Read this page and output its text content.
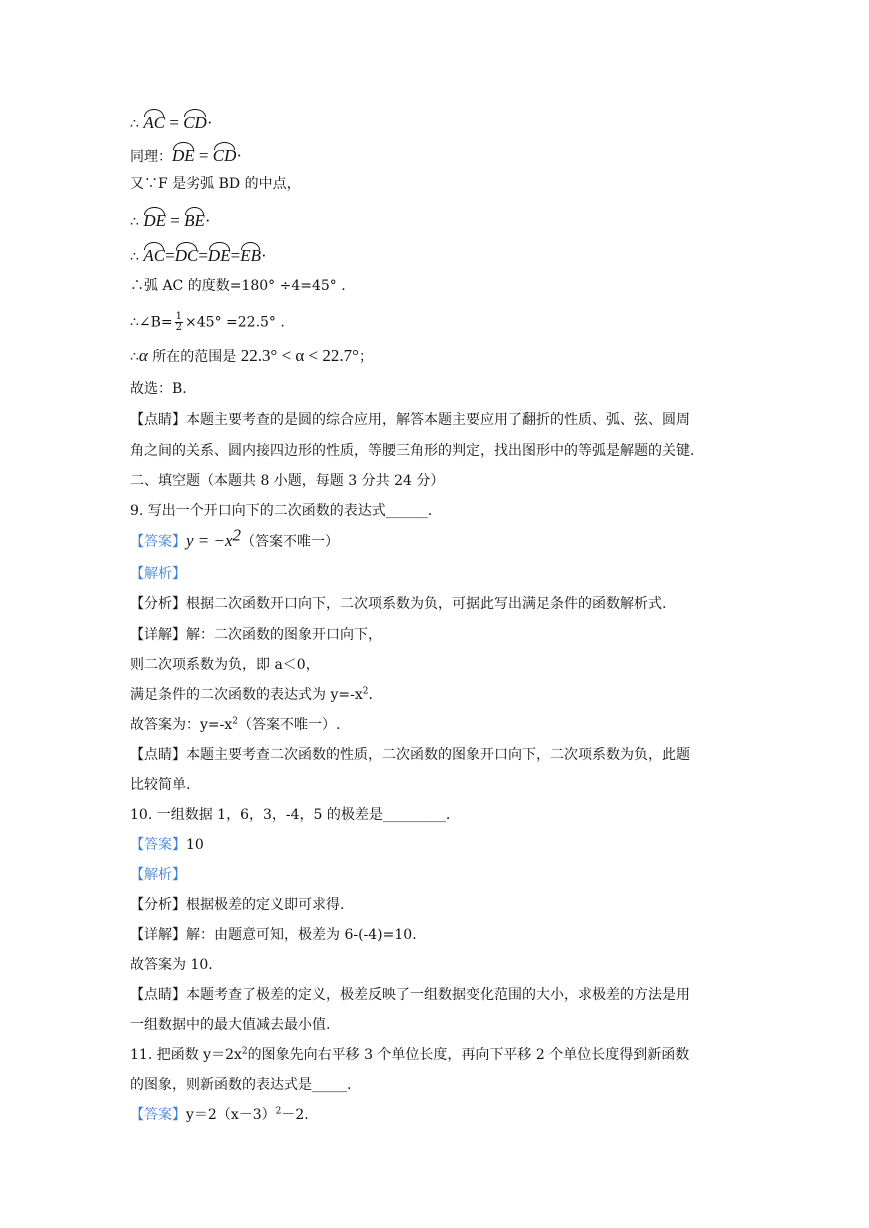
∴ AC = CD·
同理：DE = CD·
又∵F 是劣弧 BD 的中点，
∴ DE = BE·
∴ AC=DC=DE=EB·
∴弧 AC 的度数=180° ÷4=45° .
∴∠B= $\frac{1}{2} \times 45^\circ =22.5^\circ$ .
∴α 所在的范围是 22.3° < α < 22.7°；
故选：B.
【点睛】本题主要考查的是圆的综合应用，解答本题主要应用了翻折的性质、弧、弦、圆周
角之间的关系、圆内接四边形的性质，等腰三角形的判定，找出图形中的等弧是解题的关键.
二、填空题（本题共 8 小题，每题 3 分共 24 分）
9. 写出一个开口向下的二次函数的表达式______.
【答案】$y = -x^2$（答案不唯一）
【解析】
【分析】根据二次函数开口向下，二次项系数为负，可据此写出满足条件的函数解析式.
【详解】解：二次函数的图象开口向下，
则二次项系数为负，即 a＜0，
满足条件的二次函数的表达式为 $y=-x^2$.
故答案为：$y=-x^2$（答案不唯一）.
【点睛】本题主要考查二次函数的性质，二次函数的图象开口向下，二次项系数为负，此题
比较简单.
10. 一组数据 1，6，3，-4，5 的极差是_________.
【答案】10
【解析】
【分析】根据极差的定义即可求得.
【详解】解：由题意可知，极差为 6-(-4)=10.
故答案为 10.
【点睛】本题考查了极差的定义，极差反映了一组数据变化范围的大小，求极差的方法是用
一组数据中的最大值减去最小值.
11. 把函数 $y=2x^2$的图象先向右平移 3 个单位长度，再向下平移 2 个单位长度得到新函数
的图象，则新函数的表达式是_____.
【答案】$y=2(x-3)^2-2$.
